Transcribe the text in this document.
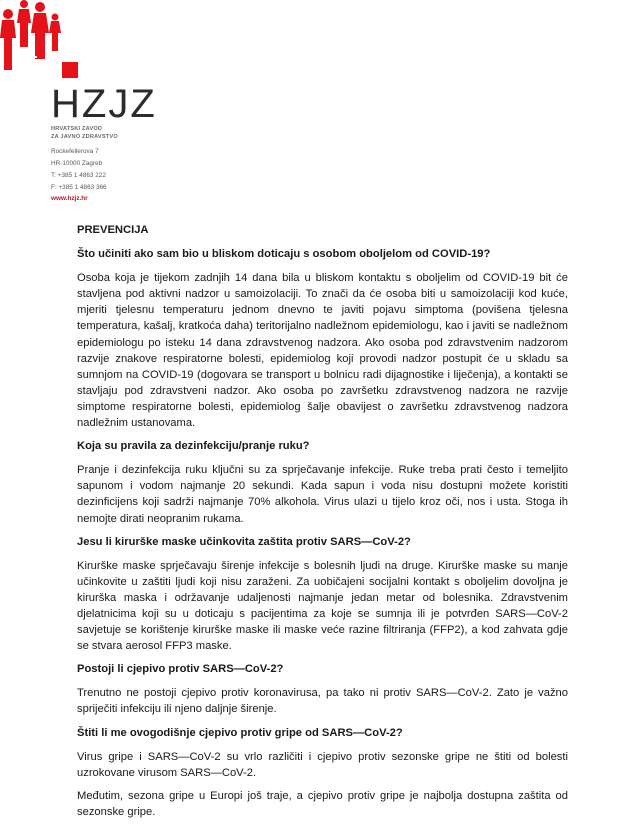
HZJZ
HRVATSKI ZAVOD
ZA JAVNO ZDRAVSTVO
Rockefellerova 7
HR-10000 Zagreb
T: +385 1 4863 222
F: +385 1 4863 366
www.hzjz.hr
PREVENCIJA
Što učiniti ako sam bio u bliskom doticaju s osobom oboljelom od COVID-19?

Osoba koja je tijekom zadnjih 14 dana bila u bliskom kontaktu s oboljelim od COVID-19 bit će stavljena pod aktivni nadzor u samoizolaciji. To znači da će osoba biti u samoizolaciji kod kuće, mjeriti tjelesnu temperaturu jednom dnevno te javiti pojavu simptoma (povišena tjelesna temperatura, kašalj, kratkoća daha) teritorijalno nadležnom epidemiologu, kao i javiti se nadležnom epidemiologu po isteku 14 dana zdravstvenog nadzora. Ako osoba pod zdravstvenim nadzorom razvije znakove respiratorne bolesti, epidemiolog koji provodi nadzor postupit će u skladu sa sumnjom na COVID-19 (dogovara se transport u bolnicu radi dijagnostike i liječenja), a kontakti se stavljaju pod zdravstveni nadzor. Ako osoba po završetku zdravstvenog nadzora ne razvije simptome respiratorne bolesti, epidemiolog šalje obavijest o završetku zdravstvenog nadzora nadležnim ustanovama.

Koja su pravila za dezinfekciju/pranje ruku?

Pranje i dezinfekcija ruku ključni su za sprječavanje infekcije. Ruke treba prati često i temeljito sapunom i vodom najmanje 20 sekundi. Kada sapun i voda nisu dostupni možete koristiti dezinficijens koji sadrži najmanje 70% alkohola. Virus ulazi u tijelo kroz oči, nos i usta. Stoga ih nemojte dirati neopranim rukama.

Jesu li kirurške maske učinkovita zaštita protiv SARS—CoV-2?

Kirurške maske sprječavaju širenje infekcije s bolesnih ljudi na druge. Kirurške maske su manje učinkovite u zaštiti ljudi koji nisu zaraženi. Za uobičajeni socijalni kontakt s oboljelim dovoljna je kirurška maska i održavanje udaljenosti najmanje jedan metar od bolesnika. Zdravstvenim djelatnicima koji su u doticaju s pacijentima za koje se sumnja ili je potvrđen SARS—CoV-2 savjetuje se korištenje kirurške maske ili maske veće razine filtriranja (FFP2), a kod zahvata gdje se stvara aerosol FFP3 maske.

Postoji li cjepivo protiv SARS—CoV-2?

Trenutno ne postoji cjepivo protiv koronavirusa, pa tako ni protiv SARS—CoV-2. Zato je važno spriječiti infekciju ili njeno daljnje širenje.

Štiti li me ovogodišnje cjepivo protiv gripe od SARS—CoV-2?

Virus gripe i SARS—CoV-2 su vrlo različiti i cjepivo protiv sezonske gripe ne štiti od bolesti uzrokovane virusom SARS—CoV-2.

Međutim, sezona gripe u Europi još traje, a cjepivo protiv gripe je najbolja dostupna zaštita od sezonske gripe.
